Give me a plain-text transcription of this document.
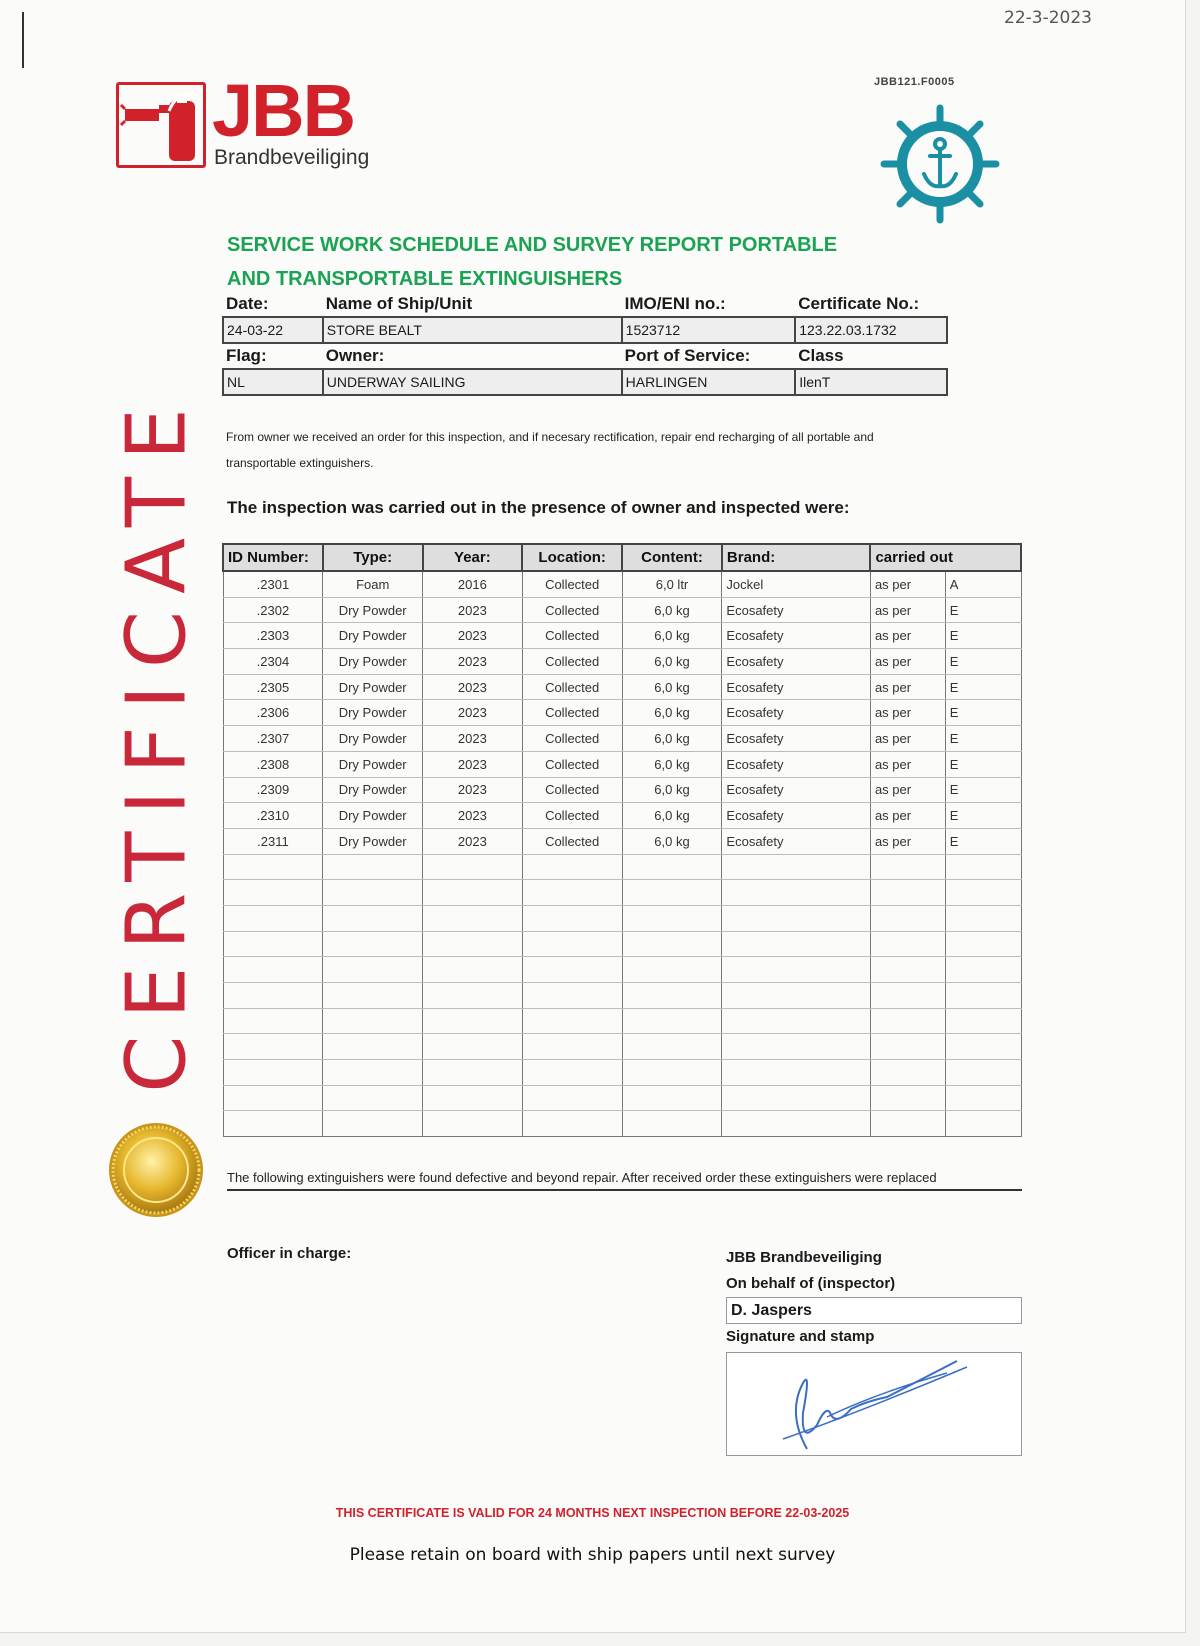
22-3-2023
JBB121.F0005
JBB
Brandbeveiliging
SERVICE WORK SCHEDULE AND SURVEY REPORT PORTABLE
AND TRANSPORTABLE EXTINGUISHERS
Date:	Name of Ship/Unit	IMO/ENI no.:	Certificate No.:
24-03-22	STORE BEALT	1523712	123.22.03.1732
Flag:	Owner:	Port of Service:	Class
NL	UNDERWAY SAILING	HARLINGEN	IlenT
From owner we received an order for this inspection, and if necesary rectification, repair end recharging of all portable and transportable extinguishers.
The inspection was carried out in the presence of owner and inspected were:
ID Number:	Type:	Year:	Location:	Content:	Brand:	carried out	
.2301	Foam	2016	Collected	6,0 ltr	Jockel	as per	A
.2302	Dry Powder	2023	Collected	6,0 kg	Ecosafety	as per	E
.2303	Dry Powder	2023	Collected	6,0 kg	Ecosafety	as per	E
.2304	Dry Powder	2023	Collected	6,0 kg	Ecosafety	as per	E
.2305	Dry Powder	2023	Collected	6,0 kg	Ecosafety	as per	E
.2306	Dry Powder	2023	Collected	6,0 kg	Ecosafety	as per	E
.2307	Dry Powder	2023	Collected	6,0 kg	Ecosafety	as per	E
.2308	Dry Powder	2023	Collected	6,0 kg	Ecosafety	as per	E
.2309	Dry Powder	2023	Collected	6,0 kg	Ecosafety	as per	E
.2310	Dry Powder	2023	Collected	6,0 kg	Ecosafety	as per	E
.2311	Dry Powder	2023	Collected	6,0 kg	Ecosafety	as per	E

CERTIFICATE
The following extinguishers were found defective and beyond repair. After received order these extinguishers were replaced
Officer in charge:	JBB Brandbeveiliging
On behalf of (inspector)
D. Jaspers
Signature and stamp
THIS CERTIFICATE IS VALID FOR 24 MONTHS NEXT INSPECTION BEFORE 22-03-2025
Please retain on board with ship papers until next survey
